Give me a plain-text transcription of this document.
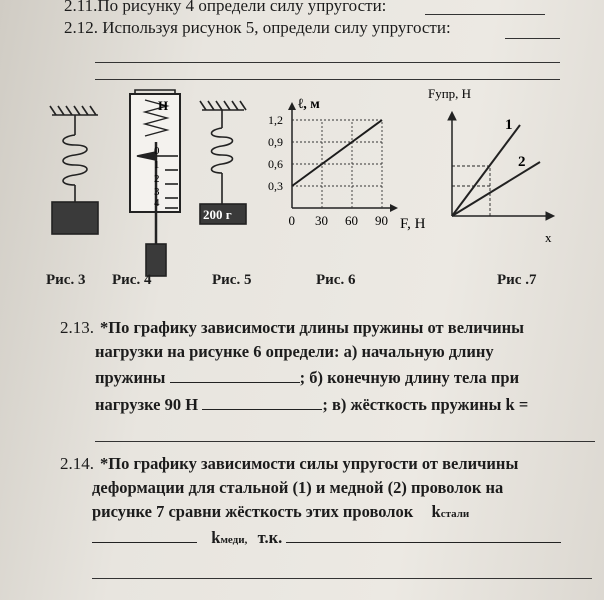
2.11.По рисунку 4 определи силу упругости:
2.12. Используя рисунок 5, определи силу упругости:
Н
0
1
2
3
4
200 г
0,3
0,6
0,9
1,2
0 30 60 90
ℓ, м
F, Н
Fупр, Н
x
1
2
Рис. 3 Рис. 4	Рис. 5	Рис. 6	Рис .7
2.13. *По графику зависимости длины пружины от величины
нагрузки на рисунке 6 определи: а) начальную длину
пружины	; б) конечную длину тела при
нагрузке 90 Н	; в) жёсткость пружины k =
2.14. *По графику зависимости силы упругости от величины
деформации для стальной (1) и медной (2) проволок на
рисунке 7 сравни жёсткость этих проволок kстали
kмеди, т.к.
